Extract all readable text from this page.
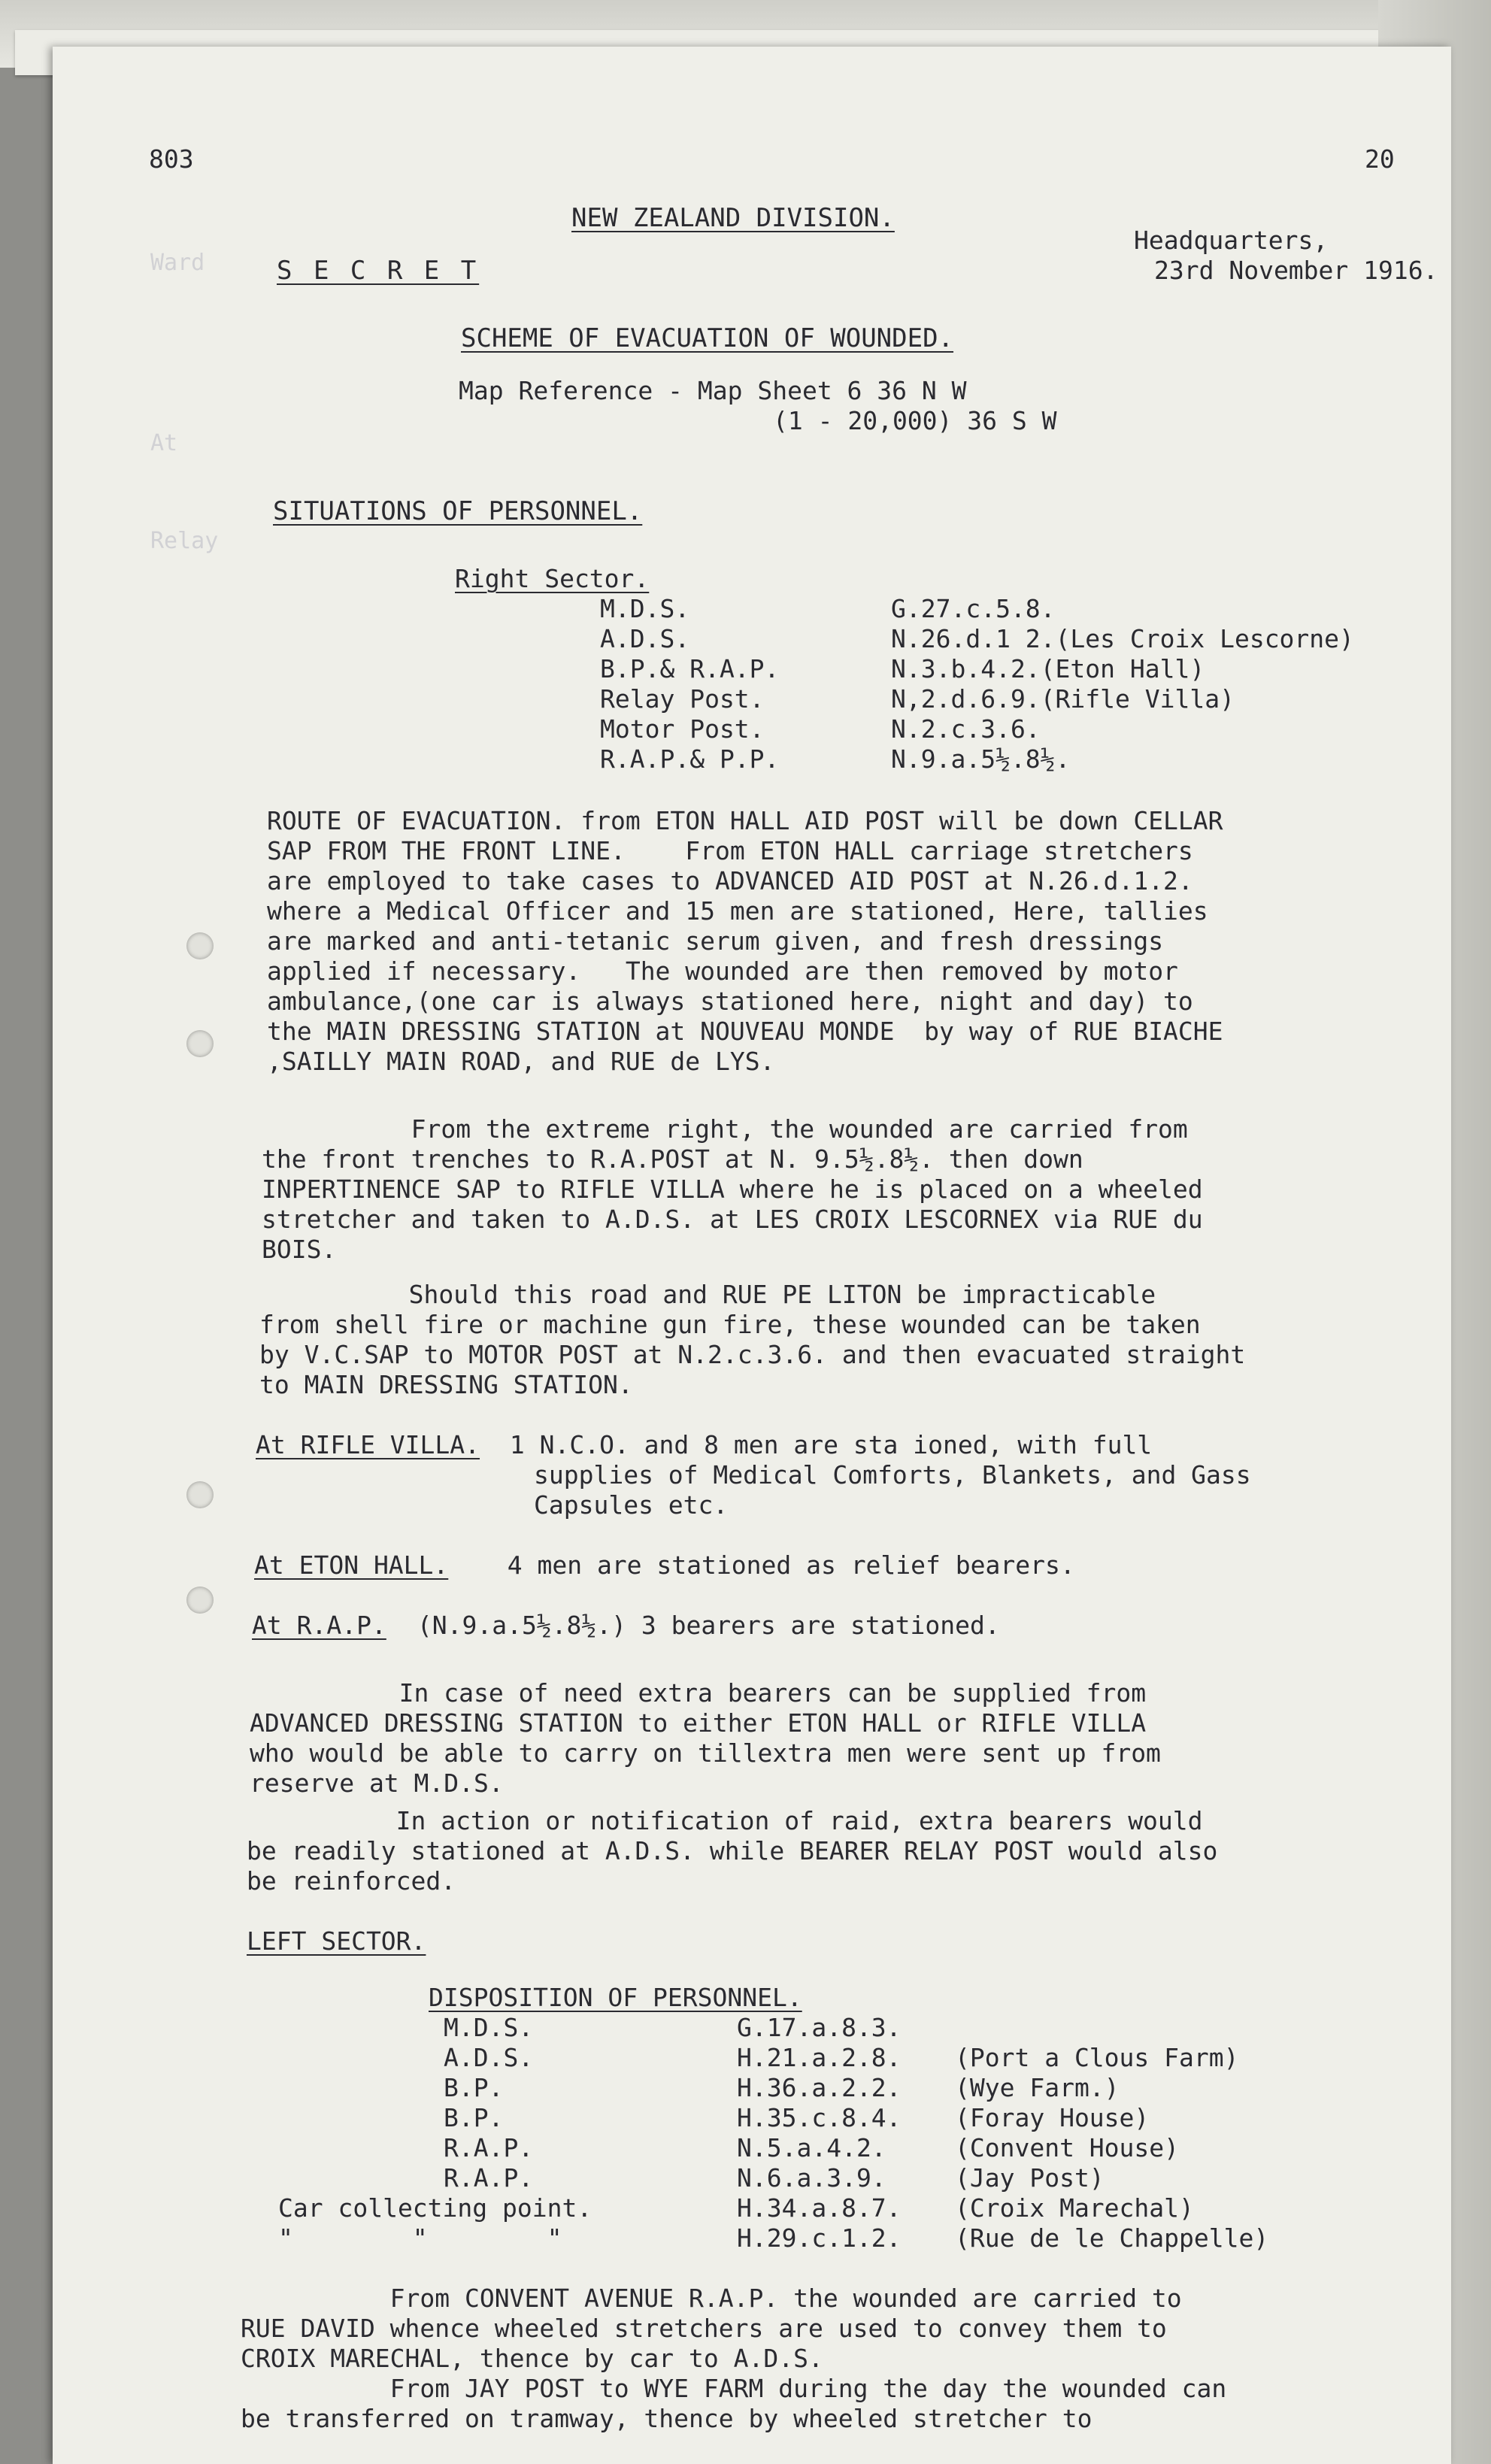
Ward
At
Relay
803	20
NEW ZEALAND DIVISION.
S E C R E T
Headquarters,
23rd November 1916.
SCHEME OF EVACUATION OF WOUNDED.
Map Reference - Map Sheet 6 36 N W
(1 - 20,000) 36 S W
SITUATIONS OF PERSONNEL.
Right Sector.
M.D.S.	G.27.c.5.8.
A.D.S.	N.26.d.1 2.(Les Croix Lescorne)
B.P.& R.A.P.	N.3.b.4.2.(Eton Hall)
Relay Post.	N,2.d.6.9.(Rifle Villa)
Motor Post.	N.2.c.3.6.
R.A.P.& P.P.	N.9.a.5½.8½.
ROUTE OF EVACUATION. from ETON HALL AID POST will be down CELLAR
SAP FROM THE FRONT LINE.    From ETON HALL carriage stretchers
are employed to take cases to ADVANCED AID POST at N.26.d.1.2.
where a Medical Officer and 15 men are stationed, Here, tallies
are marked and anti-tetanic serum given, and fresh dressings
applied if necessary.   The wounded are then removed by motor
ambulance,(one car is always stationed here, night and day) to
the MAIN DRESSING STATION at NOUVEAU MONDE  by way of RUE BIACHE
,SAILLY MAIN ROAD, and RUE de LYS.
From the extreme right, the wounded are carried from
the front trenches to R.A.POST at N. 9.5½.8½. then down
INPERTINENCE SAP to RIFLE VILLA where he is placed on a wheeled
stretcher and taken to A.D.S. at LES CROIX LESCORNEX via RUE du
BOIS.
Should this road and RUE PE LITON be impracticable
from shell fire or machine gun fire, these wounded can be taken
by V.C.SAP to MOTOR POST at N.2.c.3.6. and then evacuated straight
to MAIN DRESSING STATION.
At RIFLE VILLA. 1 N.C.O. and 8 men are sta ioned, with full
supplies of Medical Comforts, Blankets, and Gass
Capsules etc.
At ETON HALL. 4 men are stationed as relief bearers.
At R.A.P. (N.9.a.5½.8½.) 3 bearers are stationed.
In case of need extra bearers can be supplied from
ADVANCED DRESSING STATION to either ETON HALL or RIFLE VILLA
who would be able to carry on tillextra men were sent up from
reserve at M.D.S.
In action or notification of raid, extra bearers would
be readily stationed at A.D.S. while BEARER RELAY POST would also
be reinforced.
LEFT SECTOR.
DISPOSITION OF PERSONNEL.
M.D.S.	G.17.a.8.3.
A.D.S.	H.21.a.2.8. (Port a Clous Farm)
B.P.	H.36.a.2.2. (Wye Farm.)
B.P.	H.35.c.8.4. (Foray House)
R.A.P.	N.5.a.4.2.	(Convent House)
R.A.P.	N.6.a.3.9.	(Jay Post)
Car collecting point.	H.34.a.8.7. (Croix Marechal)
"        "        "	H.29.c.1.2. (Rue de le Chappelle)
From CONVENT AVENUE R.A.P. the wounded are carried to
RUE DAVID whence wheeled stretchers are used to convey them to
CROIX MARECHAL, thence by car to A.D.S.
From JAY POST to WYE FARM during the day the wounded can
be transferred on tramway, thence by wheeled stretcher to
